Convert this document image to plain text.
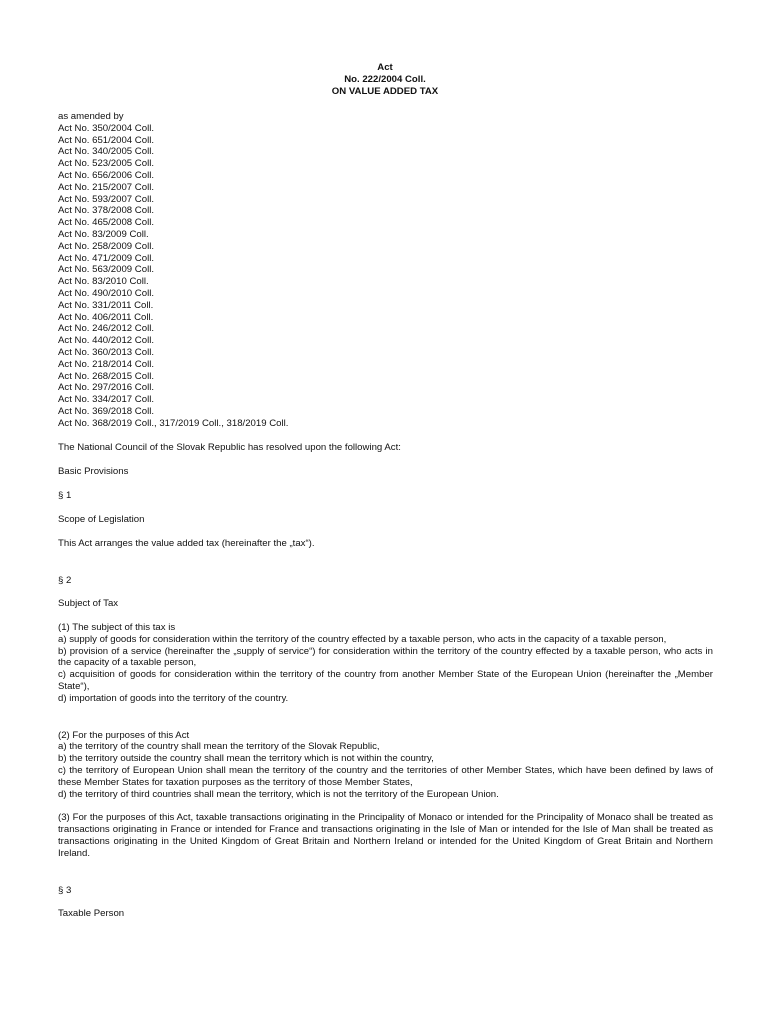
Act
No. 222/2004 Coll.
ON VALUE ADDED TAX
as amended by
Act No. 350/2004 Coll.
Act No. 651/2004 Coll.
Act No. 340/2005 Coll.
Act No. 523/2005 Coll.
Act No. 656/2006 Coll.
Act No. 215/2007 Coll.
Act No. 593/2007 Coll.
Act No. 378/2008 Coll.
Act No. 465/2008 Coll.
Act No. 83/2009 Coll.
Act No. 258/2009 Coll.
Act No. 471/2009 Coll.
Act No. 563/2009 Coll.
Act No. 83/2010 Coll.
Act No. 490/2010 Coll.
Act No. 331/2011 Coll.
Act No. 406/2011 Coll.
Act No. 246/2012 Coll.
Act No. 440/2012 Coll.
Act No. 360/2013 Coll.
Act No. 218/2014 Coll.
Act No. 268/2015 Coll.
Act No. 297/2016 Coll.
Act No. 334/2017 Coll.
Act No. 369/2018 Coll.
Act No. 368/2019 Coll., 317/2019 Coll., 318/2019 Coll.
The National Council of the Slovak Republic has resolved upon the following Act:
Basic Provisions
§ 1
Scope of Legislation
This Act arranges the value added tax (hereinafter the „tax“).
§ 2
Subject of Tax
(1) The subject of this tax is
a) supply of goods for consideration within the territory of the country effected by a taxable person, who acts in the capacity of a taxable person,
b) provision of a service (hereinafter the „supply of service“) for consideration within the territory of the country effected by a taxable person, who acts in the capacity of a taxable person,
c) acquisition of goods for consideration within the territory of the country from another Member State of the European Union (hereinafter the „Member State“),
d) importation of goods into the territory of the country.
(2) For the purposes of this Act
a) the territory of the country shall mean the territory of the Slovak Republic,
b) the territory outside the country shall mean the territory which is not within the country,
c) the territory of European Union shall mean the territory of the country and the territories of other Member States, which have been defined by laws of these Member States for taxation purposes as the territory of those Member States,
d) the territory of third countries shall mean the territory, which is not the territory of the European Union.
(3) For the purposes of this Act, taxable transactions originating in the Principality of Monaco or intended for the Principality of Monaco shall be treated as transactions originating in France or intended for France and transactions originating in the Isle of Man or intended for the Isle of Man shall be treated as transactions originating in the United Kingdom of Great Britain and Northern Ireland or intended for the United Kingdom of Great Britain and Northern Ireland.
§ 3
Taxable Person
